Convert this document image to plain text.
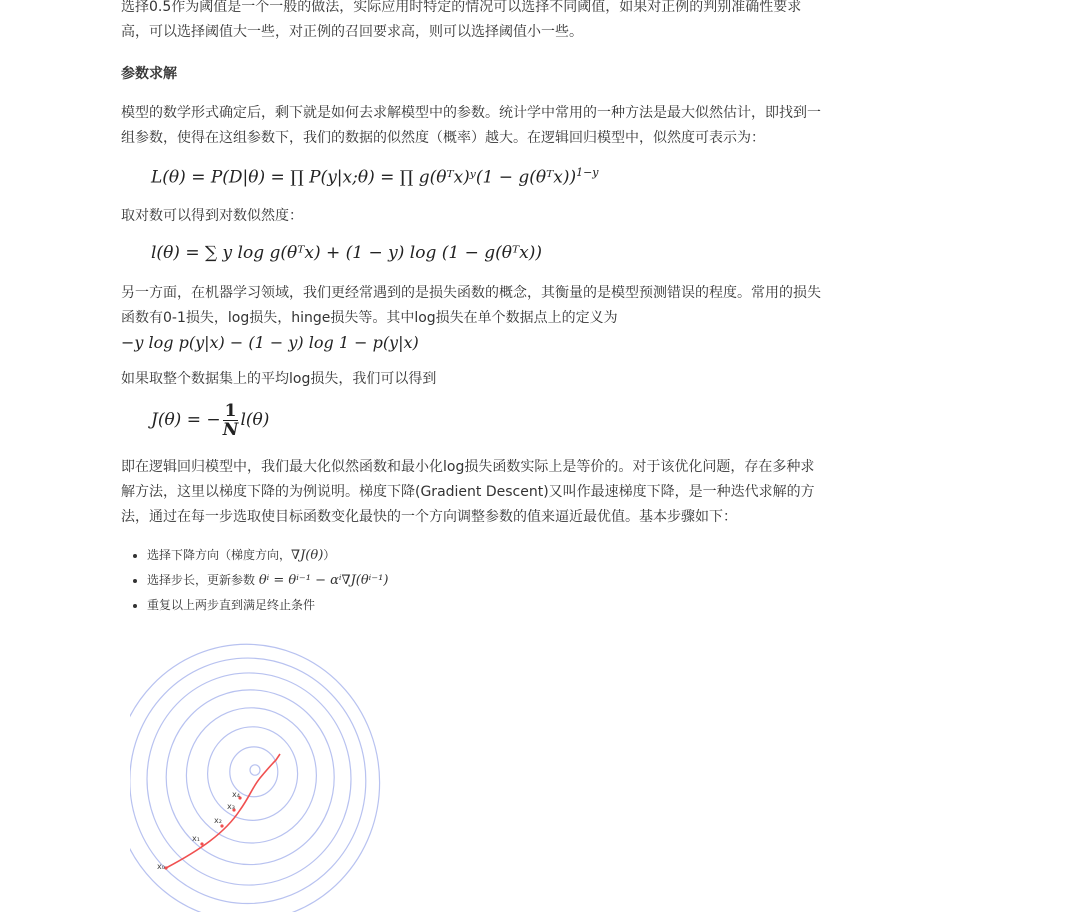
选择0.5作为阈值是一个一般的做法，实际应用时特定的情况可以选择不同阈值，如果对正例的判别准确性要求高，可以选择阈值大一些，对正例的召回要求高，则可以选择阈值小一些。

参数求解

模型的数学形式确定后，剩下就是如何去求解模型中的参数。统计学中常用的一种方法是最大似然估计，即找到一组参数，使得在这组参数下，我们的数据的似然度（概率）越大。在逻辑回归模型中，似然度可表示为：

L(θ) = P(D|θ) = ∏ P(y|x;θ) = ∏ g(θᵀx)ʸ(1 − g(θᵀx))$^{1-y}$

取对数可以得到对数似然度：

l(θ) = ∑ y log g(θᵀx) + (1 − y) log (1 − g(θᵀx))

另一方面，在机器学习领域，我们更经常遇到的是损失函数的概念，其衡量的是模型预测错误的程度。常用的损失函数有0-1损失，log损失，hinge损失等。其中log损失在单个数据点上的定义为

−y log p(y|x) − (1 − y) log 1 − p(y|x)

如果取整个数据集上的平均log损失，我们可以得到

J(θ) = − $\frac{1}{N} l(\theta)$

即在逻辑回归模型中，我们最大化似然函数和最小化log损失函数实际上是等价的。对于该优化问题，存在多种求解方法，这里以梯度下降的为例说明。梯度下降(Gradient Descent)又叫作最速梯度下降，是一种迭代求解的方法，通过在每一步选取使目标函数变化最快的一个方向调整参数的值来逼近最优值。基本步骤如下：

• 选择下降方向（梯度方向，∇J(θ)）
• 选择步长，更新参数 θⁱ = θⁱ⁻¹ − αⁱ∇J(θⁱ⁻¹)
• 重复以上两步直到满足终止条件
x₀
x₁
x₂
x₃
x₄
